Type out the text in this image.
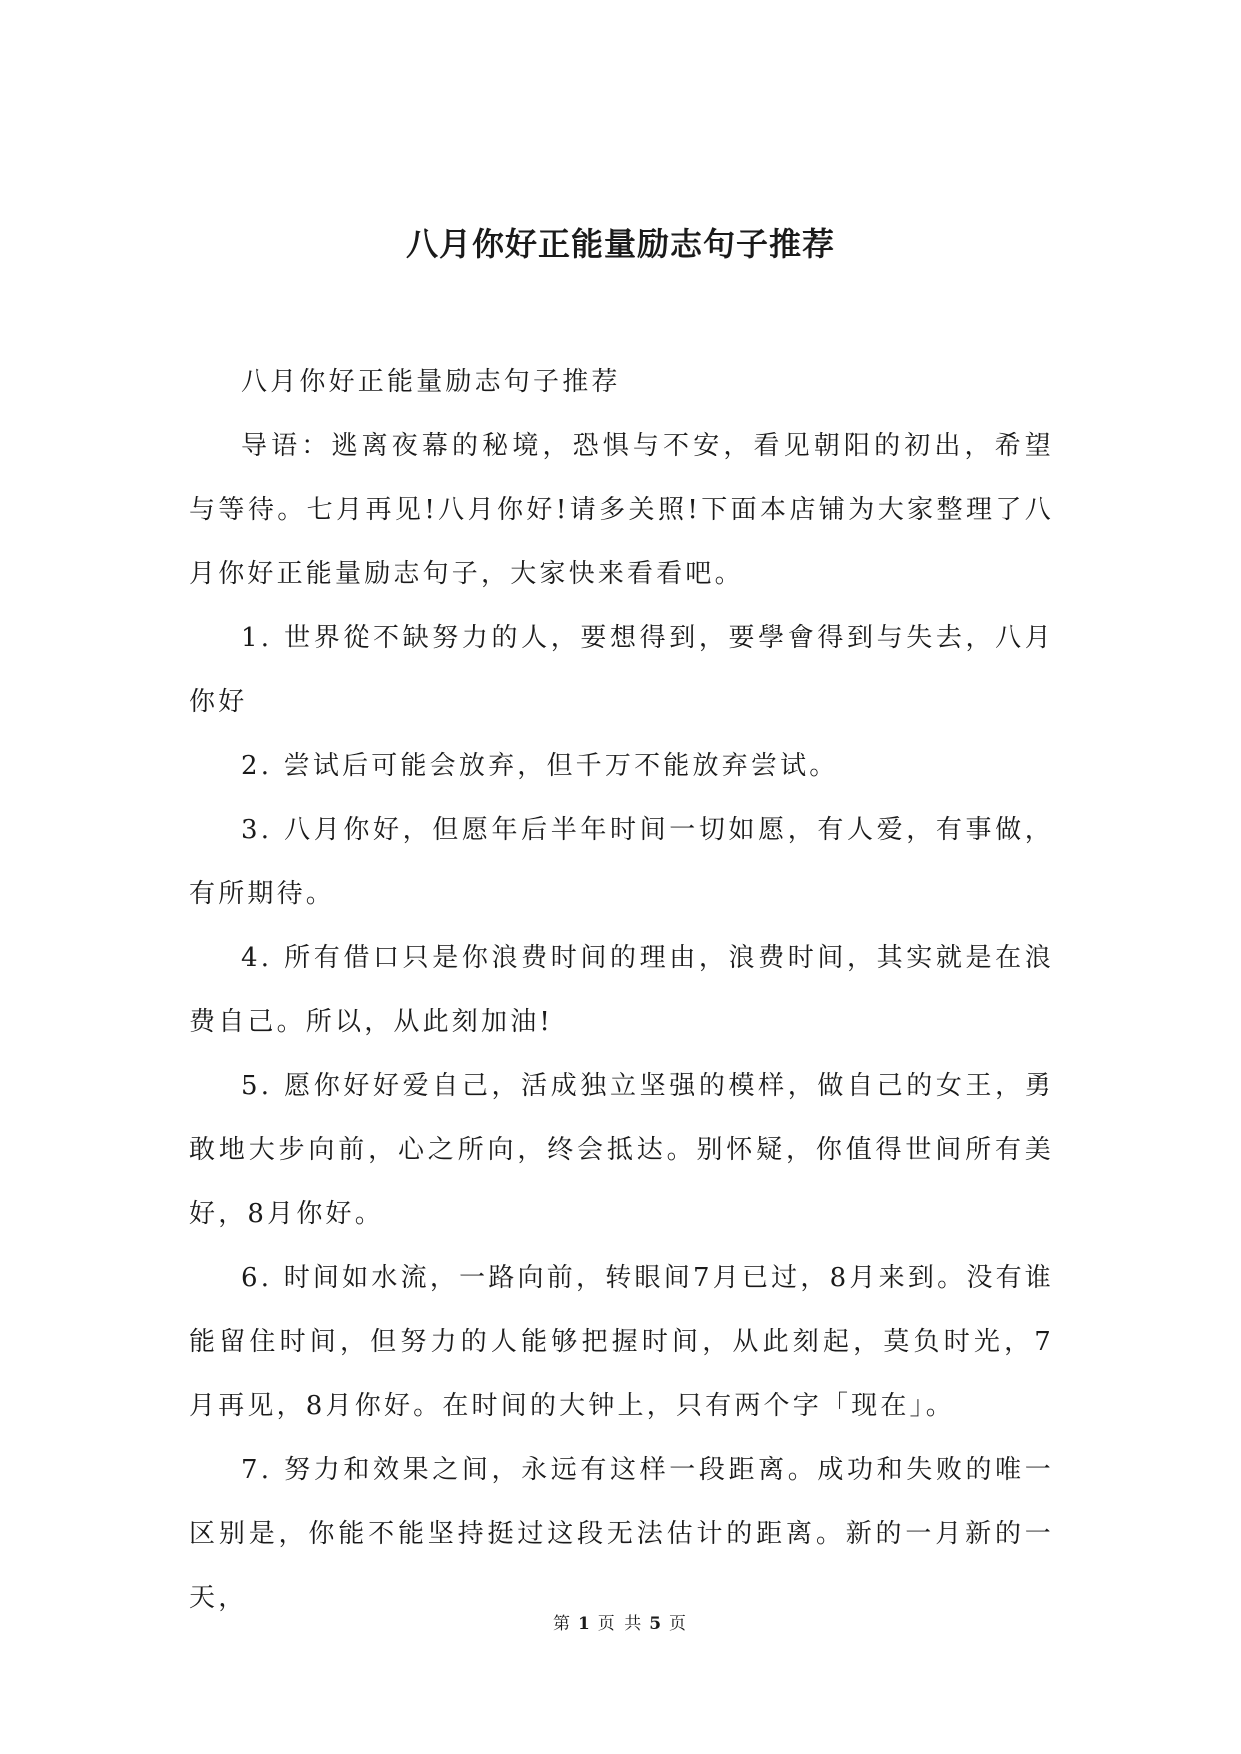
八月你好正能量励志句子推荐

八月你好正能量励志句子推荐

导语：逃离夜幕的秘境，恐惧与不安，看见朝阳的初出，希望与等待。七月再见!八月你好!请多关照!下面本店铺为大家整理了八月你好正能量励志句子，大家快来看看吧。

1. 世界從不缺努力的人，要想得到，要學會得到与失去，八月你好

2. 尝试后可能会放弃，但千万不能放弃尝试。

3. 八月你好，但愿年后半年时间一切如愿，有人爱，有事做，有所期待。

4. 所有借口只是你浪费时间的理由，浪费时间，其实就是在浪费自己。所以，从此刻加油!

5. 愿你好好爱自己，活成独立坚强的模样，做自己的女王，勇敢地大步向前，心之所向，终会抵达。别怀疑，你值得世间所有美好，8月你好。

6. 时间如水流，一路向前，转眼间7月已过，8月来到。没有谁能留住时间，但努力的人能够把握时间，从此刻起，莫负时光，7月再见，8月你好。在时间的大钟上，只有两个字「现在」。

7. 努力和效果之间，永远有这样一段距离。成功和失败的唯一区别是，你能不能坚持挺过这段无法估计的距离。新的一月新的一天，

第 1 页 共 5 页
